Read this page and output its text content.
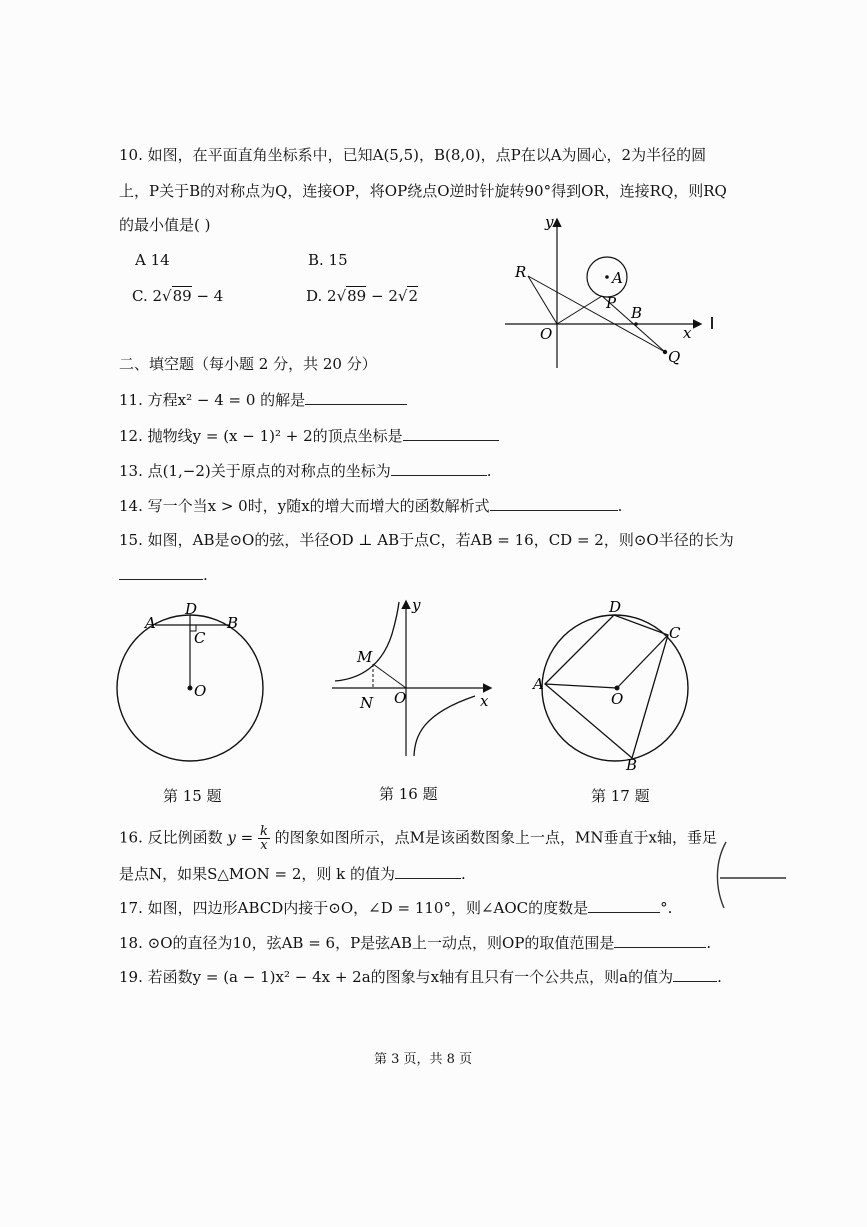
10. 如图，在平面直角坐标系中，已知A(5,5)，B(8,0)，点P在以A为圆心，2为半径的圆
上，P关于B的对称点为Q，连接OP，将OP绕点O逆时针旋转90°得到OR，连接RQ，则RQ
的最小值是( )
A 14	B. 15
C. 2√89 − 4	D. 2√89 − 2√2
y
A
R
P
O
B
x
Q
二、填空题（每小题 2 分，共 20 分）
11. 方程x² − 4 = 0 的解是
12. 抛物线y = (x − 1)² + 2的顶点坐标是
13. 点(1,−2)关于原点的对称点的坐标为	.
14. 写一个当x > 0时，y随x的增大而增大的函数解析式	.
15. 如图，AB是⊙O的弦，半径OD ⊥ AB于点C，若AB = 16，CD = 2，则⊙O半径的长为
.
A
D
B
C
O
y
M
N O	x
D
C
A
O
B
第 15 题	第 16 题	第 17 题
16. 反比例函数 $y = \frac{k}{x}$ 的图象如图所示，点M是该函数图象上一点，MN垂直于x轴，垂足
是点N，如果S△MON = 2，则 k 的值为	.
17. 如图，四边形ABCD内接于⊙O，∠D = 110°，则∠AOC的度数是	°.
18. ⊙O的直径为10，弦AB = 6，P是弦AB上一动点，则OP的取值范围是	.
19. 若函数y = (a − 1)x² − 4x + 2a的图象与x轴有且只有一个公共点，则a的值为	.
第 3 页，共 8 页
